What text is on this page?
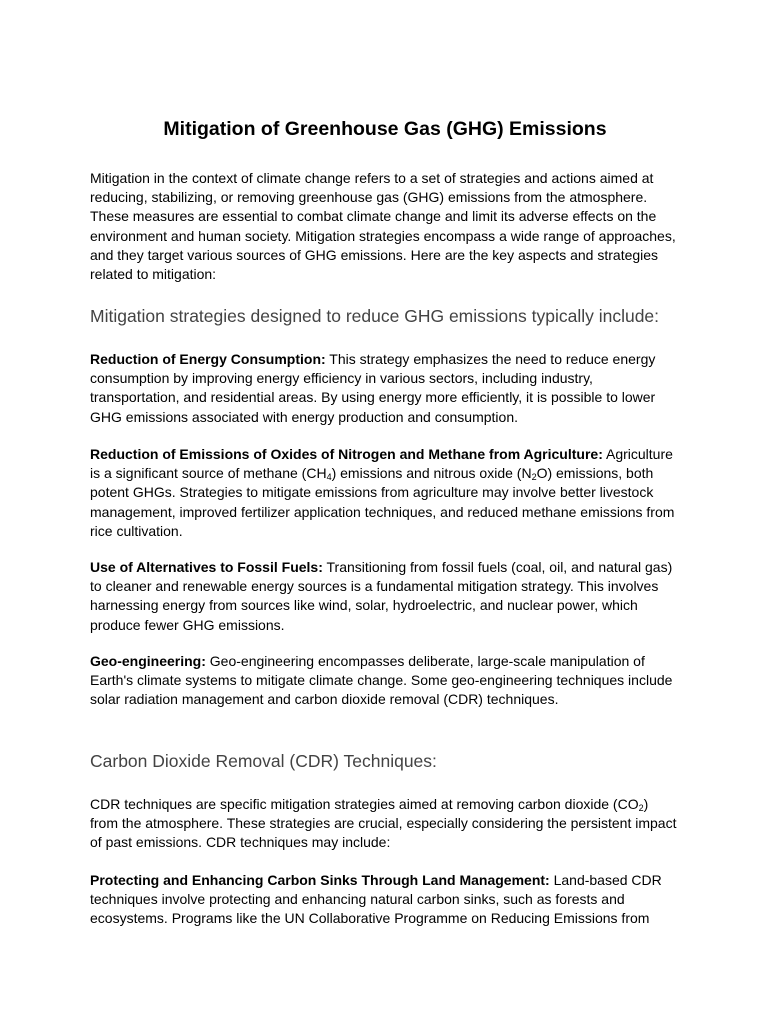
Mitigation of Greenhouse Gas (GHG) Emissions

Mitigation in the context of climate change refers to a set of strategies and actions aimed at reducing, stabilizing, or removing greenhouse gas (GHG) emissions from the atmosphere. These measures are essential to combat climate change and limit its adverse effects on the environment and human society. Mitigation strategies encompass a wide range of approaches, and they target various sources of GHG emissions. Here are the key aspects and strategies related to mitigation:

Mitigation strategies designed to reduce GHG emissions typically include:

Reduction of Energy Consumption: This strategy emphasizes the need to reduce energy consumption by improving energy efficiency in various sectors, including industry, transportation, and residential areas. By using energy more efficiently, it is possible to lower GHG emissions associated with energy production and consumption.

Reduction of Emissions of Oxides of Nitrogen and Methane from Agriculture: Agriculture is a significant source of methane $(CH_4)$ emissions and nitrous oxide $(N_2O)$ emissions, both potent GHGs. Strategies to mitigate emissions from agriculture may involve better livestock management, improved fertilizer application techniques, and reduced methane emissions from rice cultivation.

Use of Alternatives to Fossil Fuels: Transitioning from fossil fuels (coal, oil, and natural gas) to cleaner and renewable energy sources is a fundamental mitigation strategy. This involves harnessing energy from sources like wind, solar, hydroelectric, and nuclear power, which produce fewer GHG emissions.

Geo-engineering: Geo-engineering encompasses deliberate, large-scale manipulation of Earth's climate systems to mitigate climate change. Some geo-engineering techniques include solar radiation management and carbon dioxide removal (CDR) techniques.

Carbon Dioxide Removal (CDR) Techniques:

CDR techniques are specific mitigation strategies aimed at removing carbon dioxide $(CO_2)$ from the atmosphere. These strategies are crucial, especially considering the persistent impact of past emissions. CDR techniques may include:

Protecting and Enhancing Carbon Sinks Through Land Management: Land-based CDR techniques involve protecting and enhancing natural carbon sinks, such as forests and ecosystems. Programs like the UN Collaborative Programme on Reducing Emissions from
